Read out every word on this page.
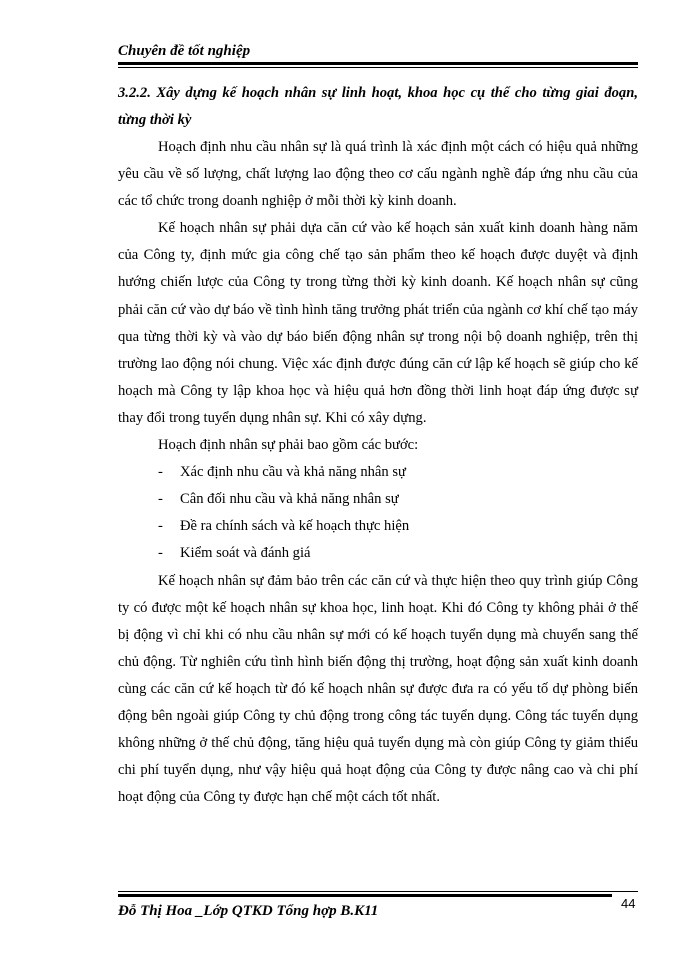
Chuyên đề tốt nghiệp

3.2.2. Xây dựng kế hoạch nhân sự linh hoạt, khoa học cụ thể cho từng giai đoạn, từng thời kỳ

Hoạch định nhu cầu nhân sự là quá trình là xác định một cách có hiệu quả những yêu cầu về số lượng, chất lượng lao động theo cơ cấu ngành nghề đáp ứng nhu cầu của các tổ chức trong doanh nghiệp ở mỗi thời kỳ kinh doanh.

Kế hoạch nhân sự phải dựa căn cứ vào kế hoạch sản xuất kinh doanh hàng năm của Công ty, định mức gia công chế tạo sản phẩm theo kế hoạch được duyệt và định hướng chiến lược của Công ty trong từng thời kỳ kinh doanh. Kế hoạch nhân sự cũng phải căn cứ vào dự báo về tình hình tăng trưởng phát triển của ngành cơ khí chế tạo máy qua từng thời kỳ và vào dự báo biến động nhân sự trong nội bộ doanh nghiệp, trên thị trường lao động nói chung. Việc xác định được đúng căn cứ lập kế hoạch sẽ giúp cho kế hoạch mà Công ty lập khoa học và hiệu quả hơn đồng thời linh hoạt đáp ứng được sự thay đổi trong tuyển dụng nhân sự. Khi có xây dựng.

Hoạch định nhân sự phải bao gồm các bước:

- Xác định nhu cầu và khả năng nhân sự
- Cân đối nhu cầu và khả năng nhân sự
- Đề ra chính sách và kế hoạch thực hiện
- Kiểm soát và đánh giá

Kế hoạch nhân sự đảm bảo trên các căn cứ và thực hiện theo quy trình giúp Công ty có được một kế hoạch nhân sự khoa học, linh hoạt. Khi đó Công ty không phải ở thế bị động vì chỉ khi có nhu cầu nhân sự mới có kế hoạch tuyển dụng mà chuyển sang thế chủ động. Từ nghiên cứu tình hình biến động thị trường, hoạt động sản xuất kinh doanh cùng các căn cứ kế hoạch từ đó kế hoạch nhân sự được đưa ra có yếu tố dự phòng biến động bên ngoài giúp Công ty chủ động trong công tác tuyển dụng. Công tác tuyển dụng không những ở thế chủ động, tăng hiệu quả tuyển dụng mà còn giúp Công ty giảm thiểu chi phí tuyển dụng, như vậy hiệu quả hoạt động của Công ty được nâng cao và chi phí hoạt động của Công ty được hạn chế một cách tốt nhất.

Đỗ Thị Hoa _Lớp QTKD Tổng hợp B.K11	44
